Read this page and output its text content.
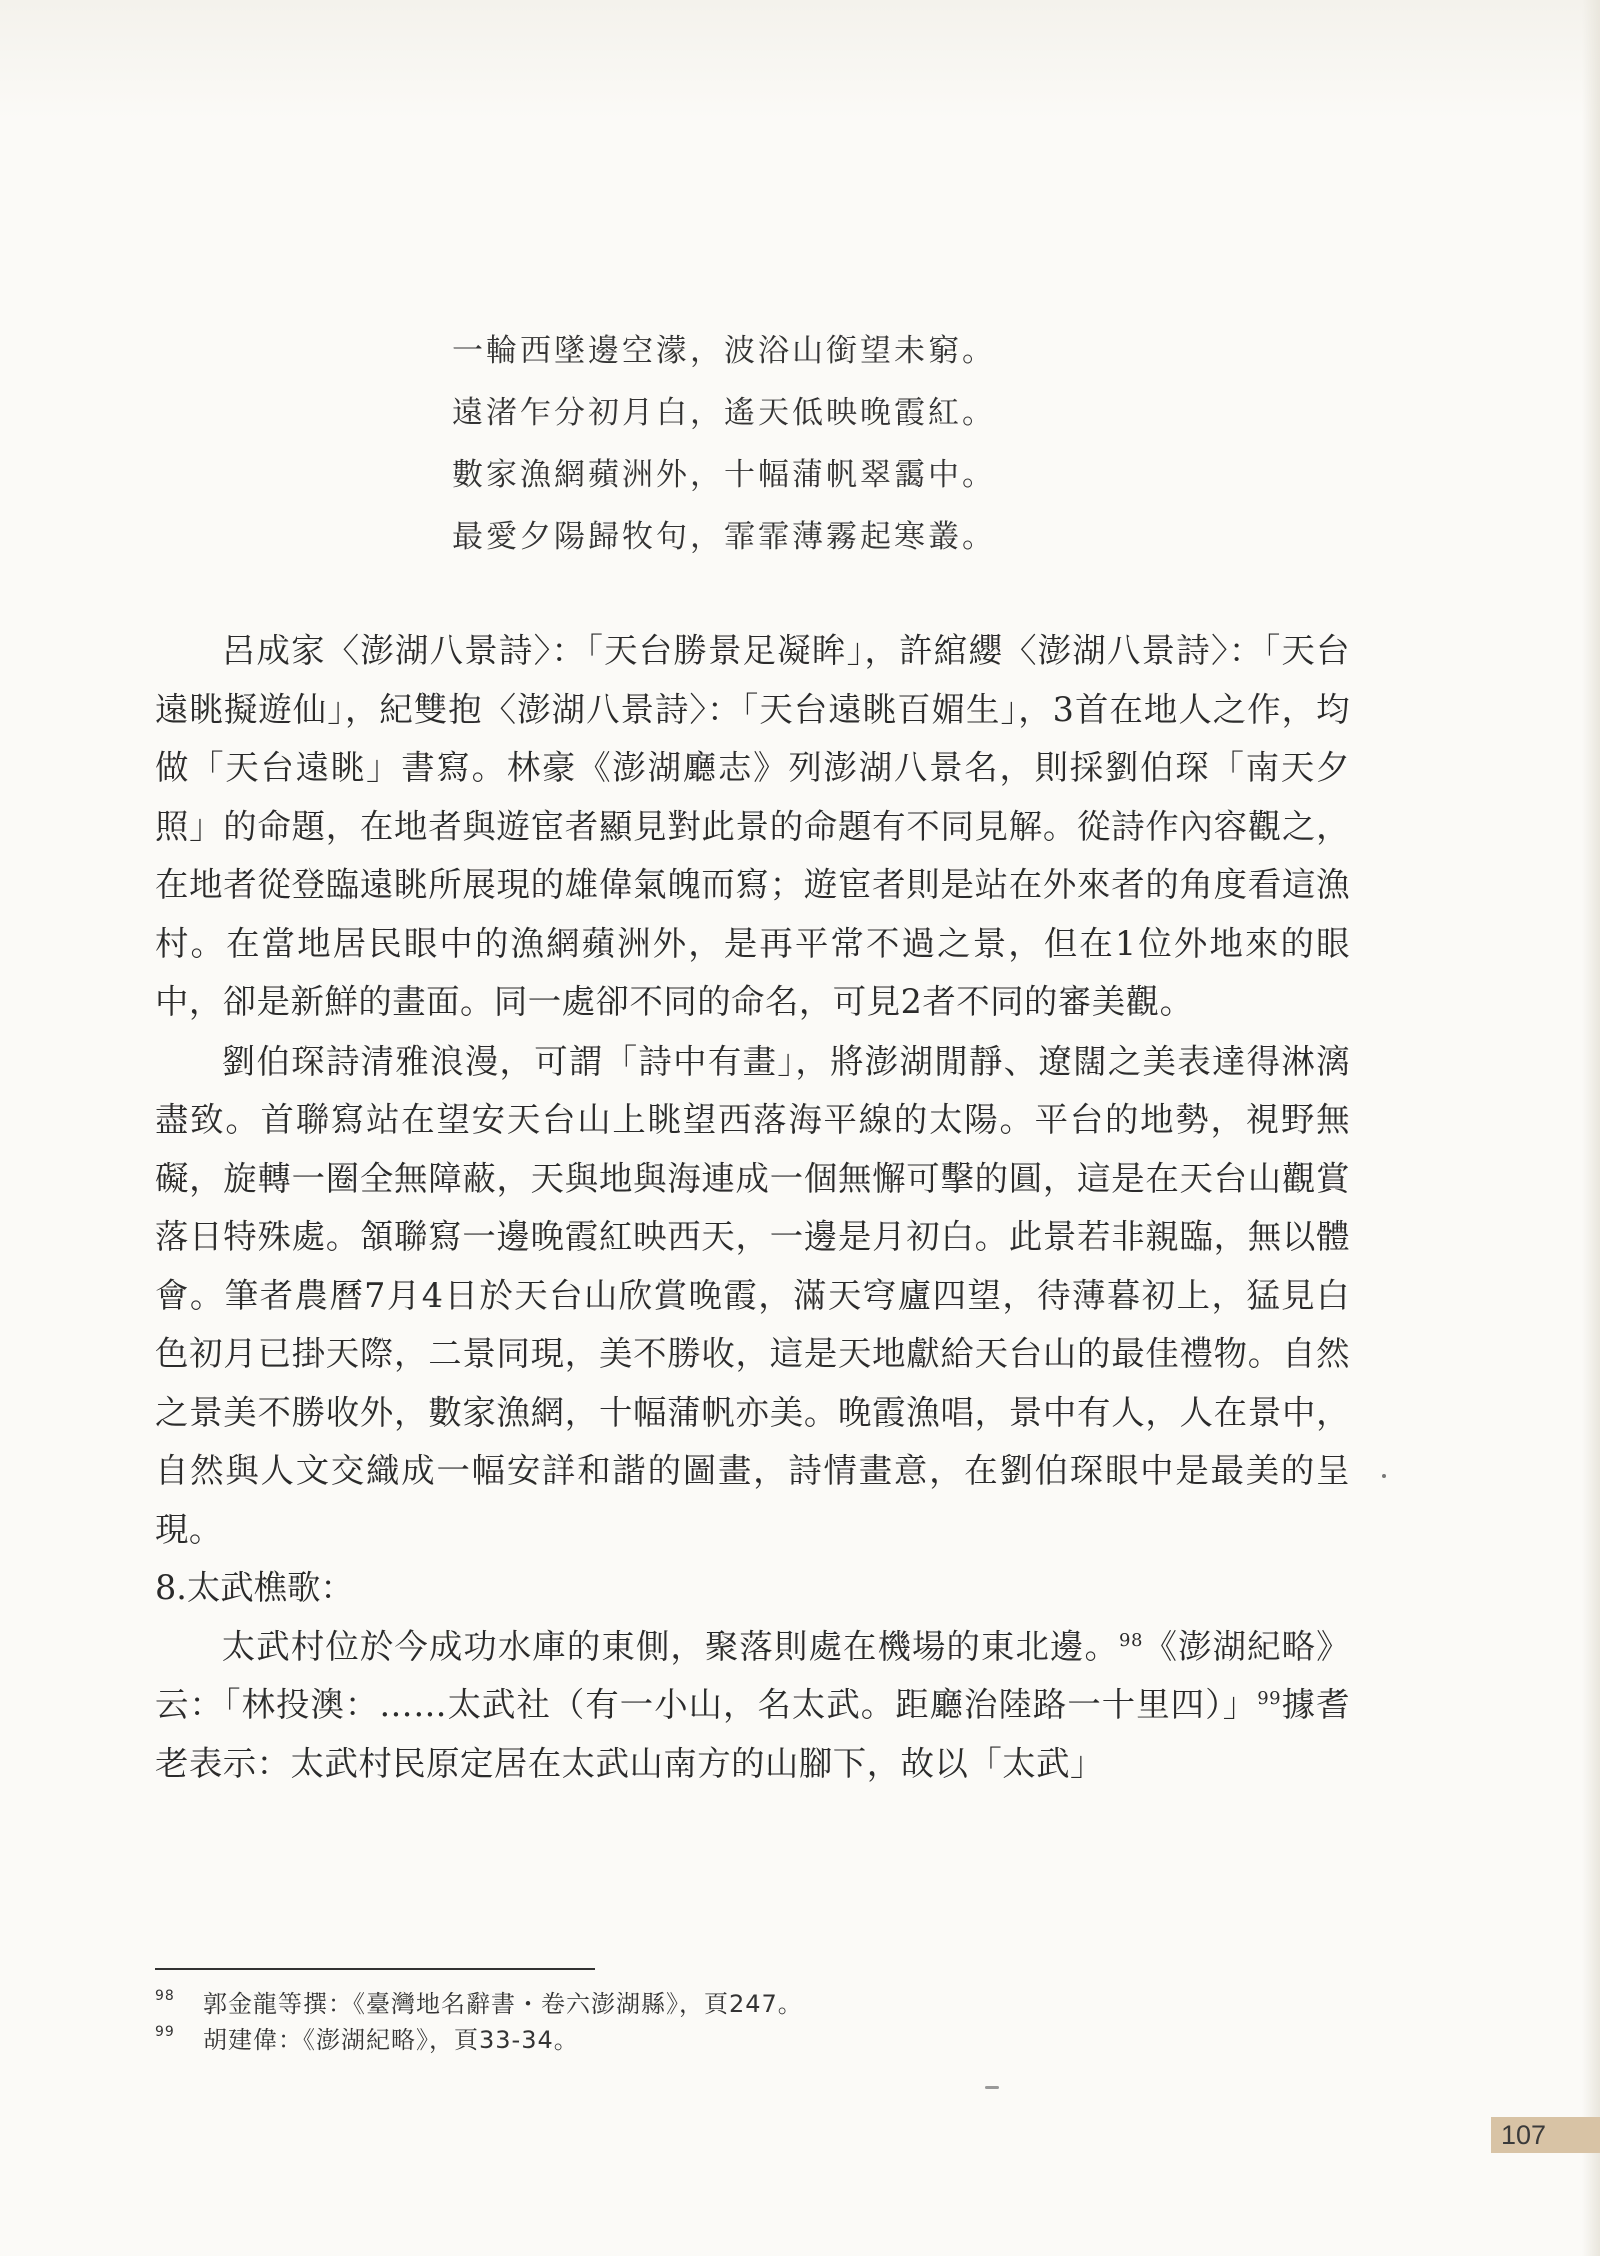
一輪西墜邊空濛，波浴山銜望未窮。
遠渚乍分初月白，遙天低映晚霞紅。
數家漁網蘋洲外，十幅蒲帆翠靄中。
最愛夕陽歸牧句，霏霏薄霧起寒叢。

呂成家〈澎湖八景詩〉：「天台勝景足凝眸」，許綰纓〈澎湖八景詩〉：「天台遠眺擬遊仙」，紀雙抱〈澎湖八景詩〉：「天台遠眺百媚生」，3首在地人之作，均做「天台遠眺」書寫。林豪《澎湖廳志》列澎湖八景名，則採劉伯琛「南天夕照」的命題，在地者與遊宦者顯見對此景的命題有不同見解。從詩作內容觀之，在地者從登臨遠眺所展現的雄偉氣魄而寫；遊宦者則是站在外來者的角度看這漁村。在當地居民眼中的漁網蘋洲外，是再平常不過之景，但在1位外地來的眼中，卻是新鮮的畫面。同一處卻不同的命名，可見2者不同的審美觀。

劉伯琛詩清雅浪漫，可謂「詩中有畫」，將澎湖閒靜、遼闊之美表達得淋漓盡致。首聯寫站在望安天台山上眺望西落海平線的太陽。平台的地勢，視野無礙，旋轉一圈全無障蔽，天與地與海連成一個無懈可擊的圓，這是在天台山觀賞落日特殊處。頷聯寫一邊晚霞紅映西天，一邊是月初白。此景若非親臨，無以體會。筆者農曆7月4日於天台山欣賞晚霞，滿天穹廬四望，待薄暮初上，猛見白色初月已掛天際，二景同現，美不勝收，這是天地獻給天台山的最佳禮物。自然之景美不勝收外，數家漁網，十幅蒲帆亦美。晚霞漁唱，景中有人，人在景中，自然與人文交織成一幅安詳和諧的圖畫，詩情畫意，在劉伯琛眼中是最美的呈現。

8.太武樵歌：

太武村位於今成功水庫的東側，聚落則處在機場的東北邊。$^{98}$《澎湖紀略》云：「林投澳：……太武社（有一小山，名太武。距廳治陸路一十里四）」$^{99}$據耆老表示：太武村民原定居在太武山南方的山腳下，故以「太武」

98 郭金龍等撰：《臺灣地名辭書・卷六澎湖縣》，頁247。
99 胡建偉：《澎湖紀略》，頁33-34。
107
